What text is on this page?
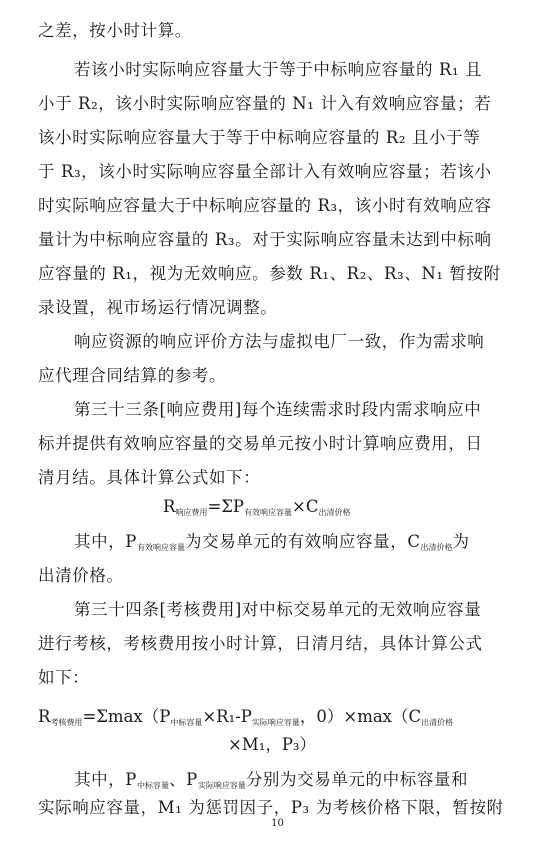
之差，按小时计算。
若该小时实际响应容量大于等于中标响应容量的 R₁ 且
小于 R₂，该小时实际响应容量的 N₁ 计入有效响应容量；若
该小时实际响应容量大于等于中标响应容量的 R₂ 且小于等
于 R₃，该小时实际响应容量全部计入有效响应容量；若该小
时实际响应容量大于中标响应容量的 R₃，该小时有效响应容
量计为中标响应容量的 R₃。对于实际响应容量未达到中标响
应容量的 R₁，视为无效响应。参数 R₁、R₂、R₃、N₁ 暂按附
录设置，视市场运行情况调整。
响应资源的响应评价方法与虚拟电厂一致，作为需求响
应代理合同结算的参考。
第三十三条[响应费用]每个连续需求时段内需求响应中
标并提供有效响应容量的交易单元按小时计算响应费用，日
清月结。具体计算公式如下：
$R_{响应费用}=\Sigma P_{有效响应容量}\times C_{出清价格}$
其中，$P_{有效响应容量}$为交易单元的有效响应容量，$C_{出清价格}$为
出清价格。
第三十四条[考核费用]对中标交易单元的无效响应容量
进行考核，考核费用按小时计算，日清月结，具体计算公式
如下：
$R_{考核费用}=\Sigma\max(P_{中标容量}\times R_1-P_{实际响应容量}$，$0)\times\max(C_{出清价格}$
×M₁，P₃）
其中，$P_{中标容量}$、$P_{实际响应容量}$分别为交易单元的中标容量和
实际响应容量，M₁ 为惩罚因子，P₃ 为考核价格下限，暂按附
10
